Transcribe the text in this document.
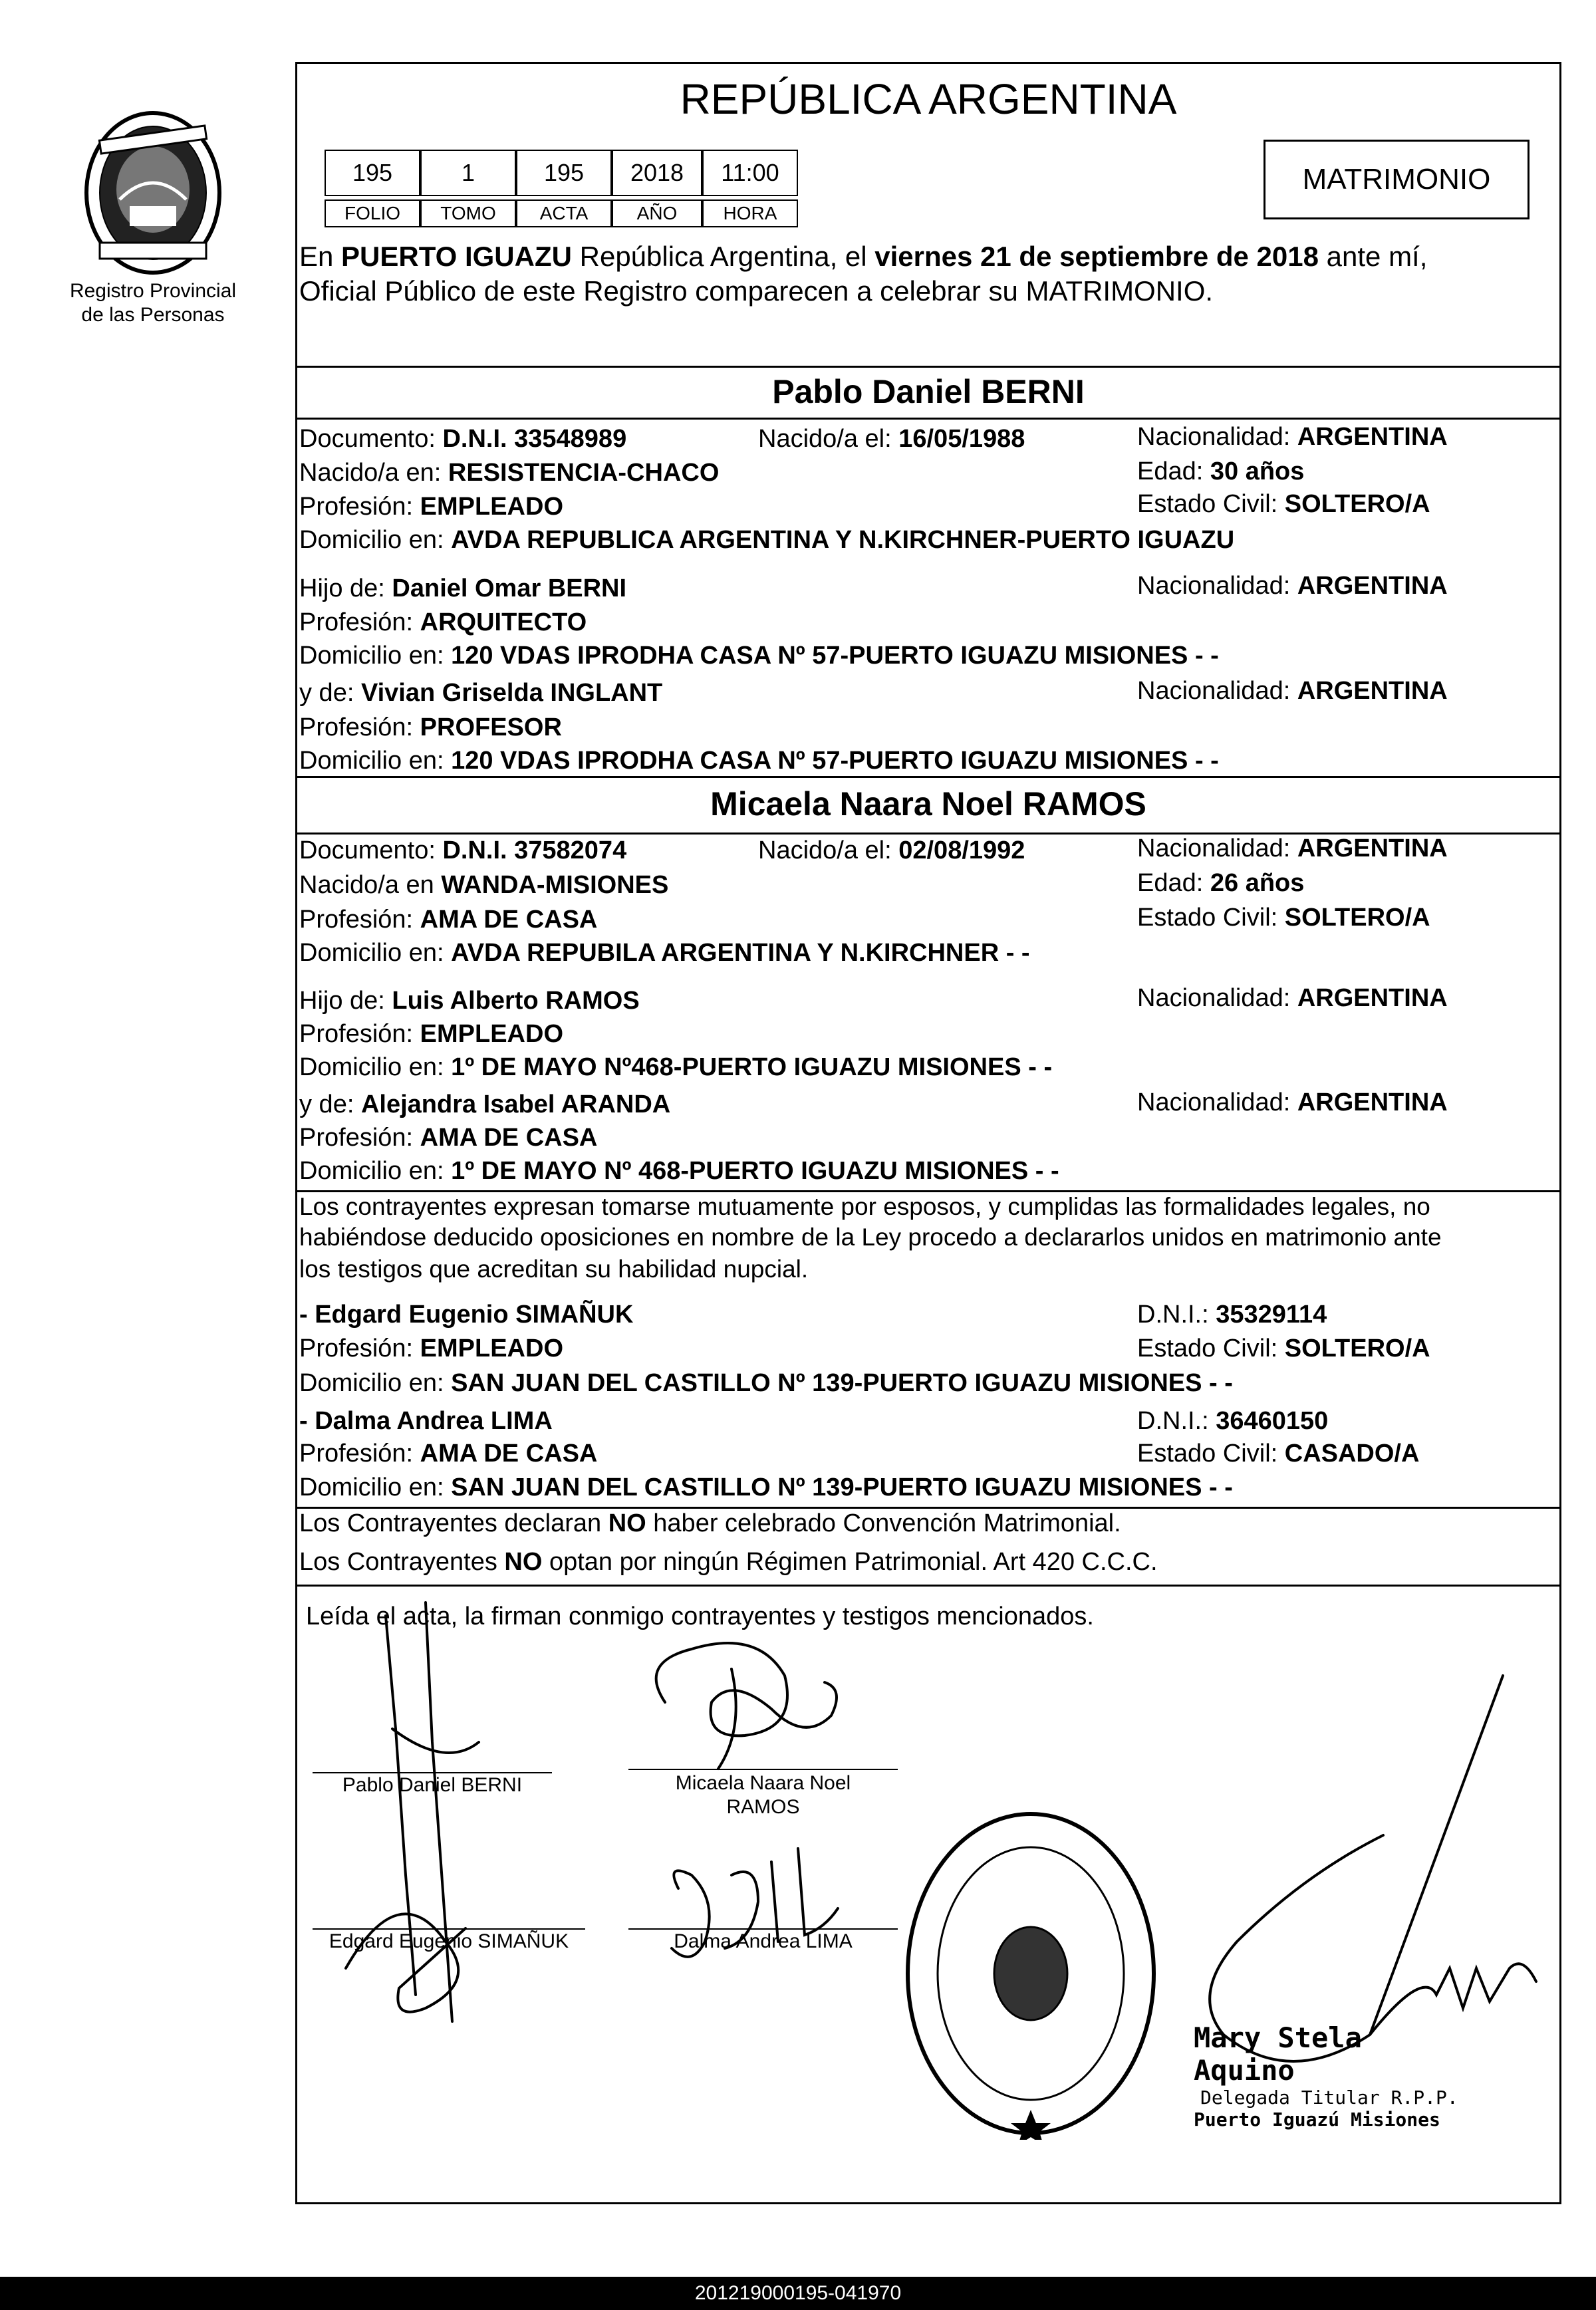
Registro Provincial
de las Personas
REPÚBLICA ARGENTINA
195	1	195	2018	11:00
FOLIO	TOMO	ACTA	AÑO	HORA
MATRIMONIO
En PUERTO IGUAZU República Argentina, el viernes 21 de septiembre de 2018 ante mí,
Oficial Público de este Registro comparecen a celebrar su MATRIMONIO.
Pablo Daniel BERNI
Documento: D.N.I. 33548989	Nacido/a el: 16/05/1988	Nacionalidad: ARGENTINA
Nacido/a en: RESISTENCIA-CHACO	Edad: 30 años
Profesión: EMPLEADO	Estado Civil: SOLTERO/A
Domicilio en: AVDA REPUBLICA ARGENTINA Y N.KIRCHNER-PUERTO IGUAZU
Hijo de: Daniel Omar BERNI	Nacionalidad: ARGENTINA
Profesión: ARQUITECTO
Domicilio en: 120 VDAS IPRODHA CASA Nº 57-PUERTO IGUAZU MISIONES - -
y de: Vivian Griselda INGLANT	Nacionalidad: ARGENTINA
Profesión: PROFESOR
Domicilio en: 120 VDAS IPRODHA CASA Nº 57-PUERTO IGUAZU MISIONES - -
Micaela Naara Noel RAMOS
Documento: D.N.I. 37582074	Nacido/a el: 02/08/1992	Nacionalidad: ARGENTINA
Nacido/a en WANDA-MISIONES	Edad: 26 años
Profesión: AMA DE CASA	Estado Civil: SOLTERO/A
Domicilio en: AVDA REPUBILA ARGENTINA Y N.KIRCHNER - -
Hijo de: Luis Alberto RAMOS	Nacionalidad: ARGENTINA
Profesión: EMPLEADO
Domicilio en: 1º DE MAYO Nº468-PUERTO IGUAZU MISIONES - -
y de: Alejandra Isabel ARANDA	Nacionalidad: ARGENTINA
Profesión: AMA DE CASA
Domicilio en: 1º DE MAYO Nº 468-PUERTO IGUAZU MISIONES - -
Los contrayentes expresan tomarse mutuamente por esposos, y cumplidas las formalidades legales, no
habiéndose deducido oposiciones en nombre de la Ley procedo a declararlos unidos en matrimonio ante
los testigos que acreditan su habilidad nupcial.
- Edgard Eugenio SIMAÑUK	D.N.I.: 35329114
Profesión: EMPLEADO	Estado Civil: SOLTERO/A
Domicilio en: SAN JUAN DEL CASTILLO Nº 139-PUERTO IGUAZU MISIONES - -
- Dalma Andrea LIMA	D.N.I.: 36460150
Profesión: AMA DE CASA	Estado Civil: CASADO/A
Domicilio en: SAN JUAN DEL CASTILLO Nº 139-PUERTO IGUAZU MISIONES - -
Los Contrayentes declaran NO haber celebrado Convención Matrimonial.
Los Contrayentes NO optan por ningún Régimen Patrimonial. Art 420 C.C.C.
Leída el acta, la firman conmigo contrayentes y testigos mencionados.
Pablo Daniel BERNI	Micaela Naara Noel
RAMOS
Edgard Eugenio SIMAÑUK	Dalma Andrea LIMA
Mary Stela Aquino
Delegada Titular R.P.P.
Puerto Iguazú Misiones
201219000195-041970
